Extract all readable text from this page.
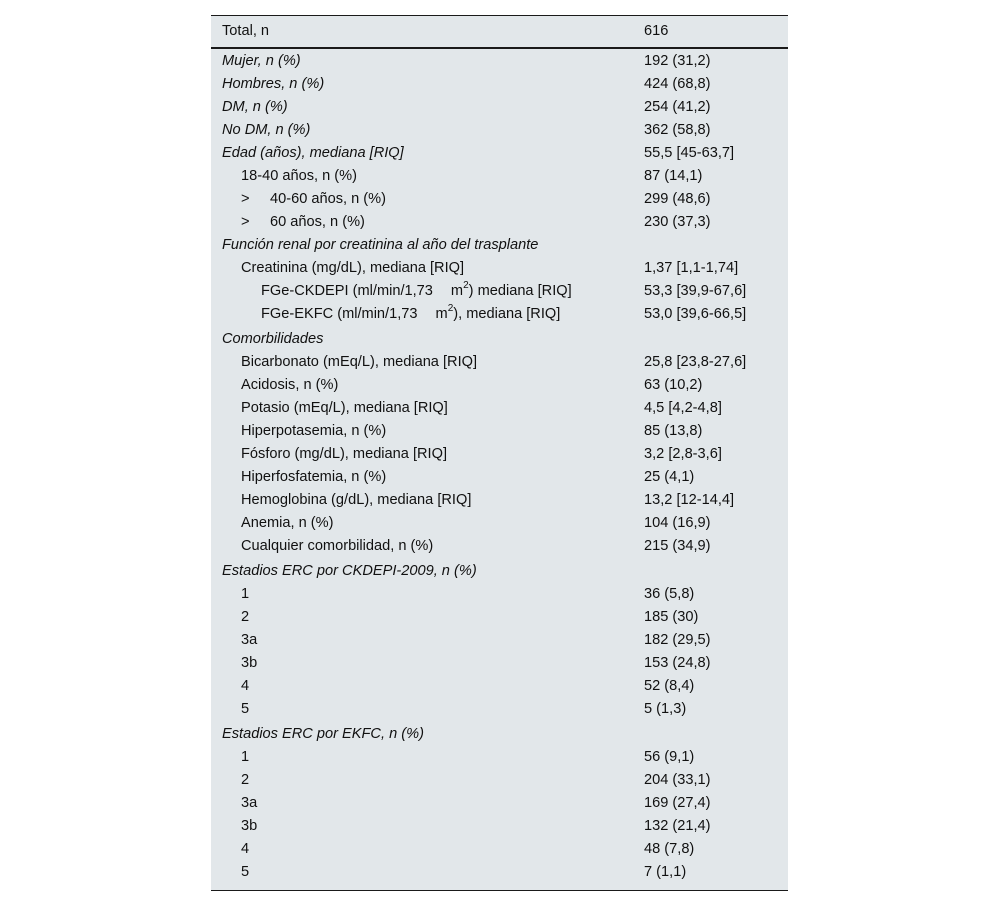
Total, n	616
Mujer, n (%)	192 (31,2)
Hombres, n (%)	424 (68,8)
DM, n (%)	254 (41,2)
No DM, n (%)	362 (58,8)
Edad (años), mediana [RIQ]	55,5 [45-63,7]
18-40 años, n (%)	87 (14,1)
> 40-60 años, n (%)	299 (48,6)
> 60 años, n (%)	230 (37,3)
Función renal por creatinina al año del trasplante
Creatinina (mg/dL), mediana [RIQ]	1,37 [1,1-1,74]
FGe-CKDEPI (ml/min/1,73 $m^2$) mediana [RIQ]	53,3 [39,9-67,6]
FGe-EKFC (ml/min/1,73 $m^2$), mediana [RIQ]	53,0 [39,6-66,5]
Comorbilidades
Bicarbonato (mEq/L), mediana [RIQ]	25,8 [23,8-27,6]
Acidosis, n (%)	63 (10,2)
Potasio (mEq/L), mediana [RIQ]	4,5 [4,2-4,8]
Hiperpotasemia, n (%)	85 (13,8)
Fósforo (mg/dL), mediana [RIQ]	3,2 [2,8-3,6]
Hiperfosfatemia, n (%)	25 (4,1)
Hemoglobina (g/dL), mediana [RIQ]	13,2 [12-14,4]
Anemia, n (%)	104 (16,9)
Cualquier comorbilidad, n (%)	215 (34,9)
Estadios ERC por CKDEPI-2009, n (%)
1	36 (5,8)
2	185 (30)
3a	182 (29,5)
3b	153 (24,8)
4	52 (8,4)
5	5 (1,3)
Estadios ERC por EKFC, n (%)
1	56 (9,1)
2	204 (33,1)
3a	169 (27,4)
3b	132 (21,4)
4	48 (7,8)
5	7 (1,1)
